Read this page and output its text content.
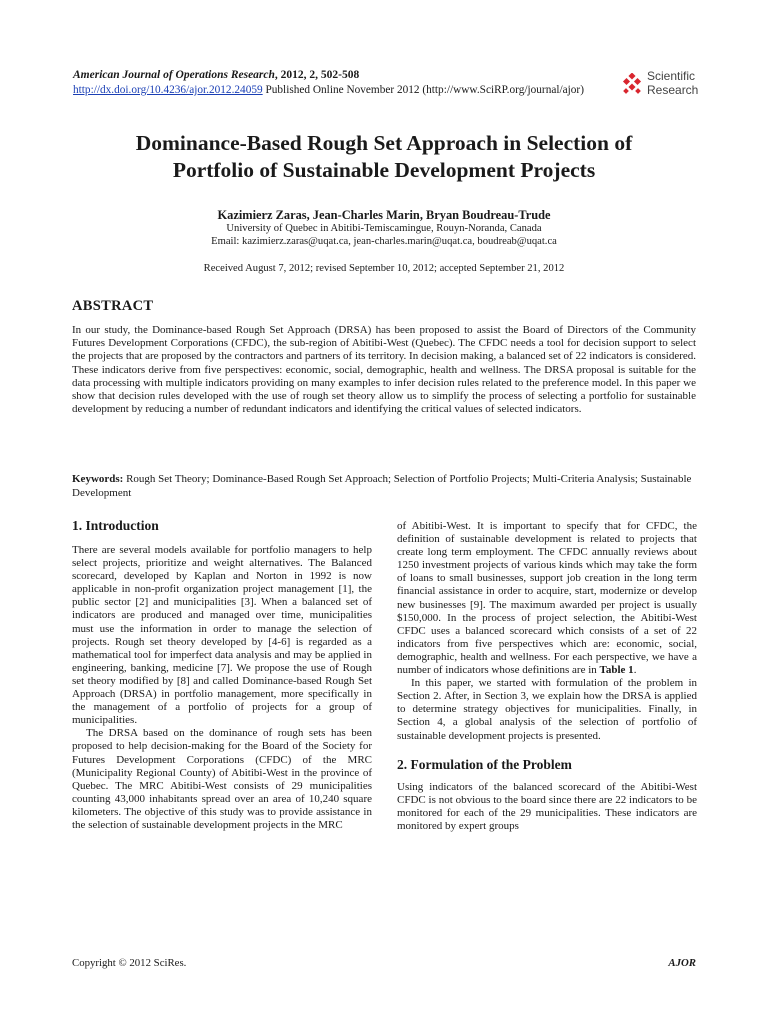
American Journal of Operations Research, 2012, 2, 502-508
http://dx.doi.org/10.4236/ajor.2012.24059 Published Online November 2012 (http://www.SciRP.org/journal/ajor)
Scientific
Research
Dominance-Based Rough Set Approach in Selection of
Portfolio of Sustainable Development Projects
Kazimierz Zaras, Jean-Charles Marin, Bryan Boudreau-Trude
University of Quebec in Abitibi-Temiscamingue, Rouyn-Noranda, Canada
Email: kazimierz.zaras@uqat.ca, jean-charles.marin@uqat.ca, boudreab@uqat.ca
Received August 7, 2012; revised September 10, 2012; accepted September 21, 2012
ABSTRACT
In our study, the Dominance-based Rough Set Approach (DRSA) has been proposed to assist the Board of Directors of the Community Futures Development Corporations (CFDC), the sub-region of Abitibi-West (Quebec). The CFDC needs a tool for decision support to select the projects that are proposed by the contractors and partners of its territory. In decision making, a balanced set of 22 indicators is considered. These indicators derive from five perspectives: economic, social, demographic, health and wellness. The DRSA proposal is suitable for the data processing with multiple indicators providing on many examples to infer decision rules related to the preference model. In this paper we show that decision rules developed with the use of rough set theory allow us to simplify the process of selecting a portfolio for sustainable development by reducing a number of redundant indicators and identifying the critical values of selected indicators.
Keywords: Rough Set Theory; Dominance-Based Rough Set Approach; Selection of Portfolio Projects; Multi-Criteria Analysis; Sustainable Development
1. Introduction

There are several models available for portfolio managers to help select projects, prioritize and weight alternatives. The Balanced scorecard, developed by Kaplan and Norton in 1992 is now applicable in non-profit organization project management [1], the public sector [2] and municipalities [3]. When a balanced set of indicators are produced and managed over time, municipalities must use the information in order to manage the selection of projects. Rough set theory developed by [4-6] is regarded as a mathematical tool for imperfect data analysis and may be applied in engineering, banking, medicine [7]. We propose the use of Rough set theory modified by [8] and called Dominance-based Rough Set Approach (DRSA) in portfolio management, more specifically in the management of a portfolio of projects for a group of municipalities.

The DRSA based on the dominance of rough sets has been proposed to help decision-making for the Board of the Society for Futures Development Corporations (CFDC) of the MRC (Municipality Regional County) of Abitibi-West in the province of Quebec. The MRC Abitibi-West consists of 29 municipalities counting 43,000 inhabitants spread over an area of 10,240 square kilometers. The objective of this study was to provide assistance in the selection of sustainable development projects in the MRC

of Abitibi-West. It is important to specify that for CFDC, the definition of sustainable development is related to projects that create long term employment. The CFDC annually reviews about 1250 investment projects of various kinds which may take the form of loans to small businesses, support job creation in the long term financial assistance in order to acquire, start, modernize or develop new businesses [9]. The maximum awarded per project is usually $150,000. In the process of project selection, the Abitibi-West CFDC uses a balanced scorecard which consists of a set of 22 indicators from five perspectives which are: economic, social, demographic, health and wellness. For each perspective, we have a number of indicators whose definitions are in Table 1.

In this paper, we started with formulation of the problem in Section 2. After, in Section 3, we explain how the DRSA is applied to determine strategy objectives for municipalities. Finally, in Section 4, a global analysis of the selection of portfolio of sustainable development projects is presented.

2. Formulation of the Problem

Using indicators of the balanced scorecard of the Abitibi-West CFDC is not obvious to the board since there are 22 indicators to be monitored for each of the 29 municipalities. These indicators are monitored by expert groups

Copyright © 2012 SciRes.	AJOR
